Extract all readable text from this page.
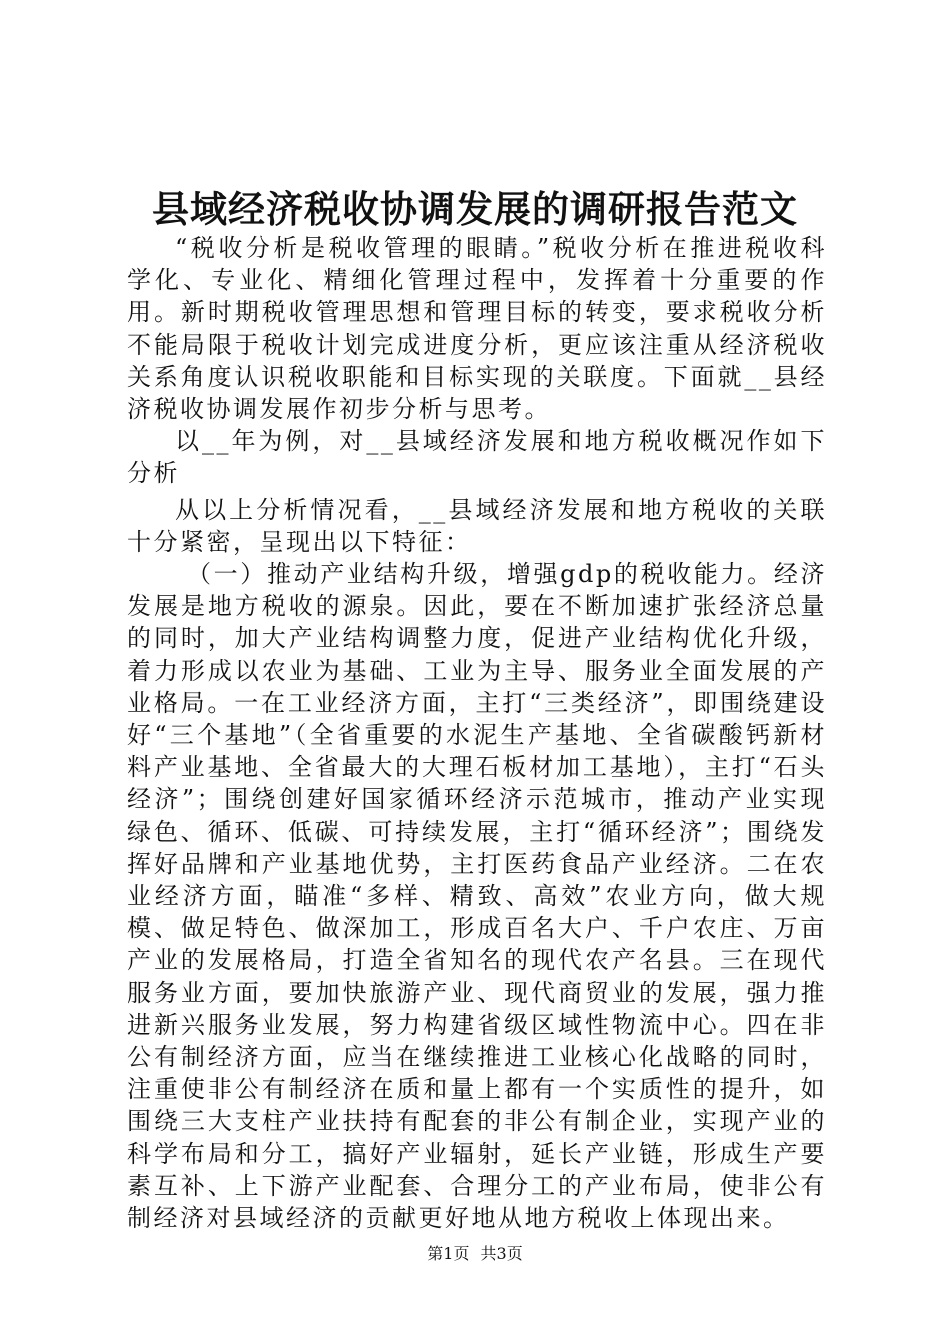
县域经济税收协调发展的调研报告范文

“税收分析是税收管理的眼睛。”税收分析在推进税收科学化、专业化、精细化管理过程中，发挥着十分重要的作用。新时期税收管理思想和管理目标的转变，要求税收分析不能局限于税收计划完成进度分析，更应该注重从经济税收关系角度认识税收职能和目标实现的关联度。下面就__县经济税收协调发展作初步分析与思考。

以__年为例，对__县域经济发展和地方税收概况作如下分析

从以上分析情况看，__县域经济发展和地方税收的关联十分紧密，呈现出以下特征：

（一）推动产业结构升级，增强gdp的税收能力。经济发展是地方税收的源泉。因此，要在不断加速扩张经济总量的同时，加大产业结构调整力度，促进产业结构优化升级，着力形成以农业为基础、工业为主导、服务业全面发展的产业格局。一在工业经济方面，主打“三类经济”，即围绕建设好“三个基地”（全省重要的水泥生产基地、全省碳酸钙新材料产业基地、全省最大的大理石板材加工基地），主打“石头经济”；围绕创建好国家循环经济示范城市，推动产业实现绿色、循环、低碳、可持续发展，主打“循环经济”；围绕发挥好品牌和产业基地优势，主打医药食品产业经济。二在农业经济方面，瞄准“多样、精致、高效”农业方向，做大规模、做足特色、做深加工，形成百名大户、千户农庄、万亩产业的发展格局，打造全省知名的现代农产名县。三在现代服务业方面，要加快旅游产业、现代商贸业的发展，强力推进新兴服务业发展，努力构建省级区域性物流中心。四在非公有制经济方面，应当在继续推进工业核心化战略的同时，注重使非公有制经济在质和量上都有一个实质性的提升，如围绕三大支柱产业扶持有配套的非公有制企业，实现产业的科学布局和分工，搞好产业辐射，延长产业链，形成生产要素互补、上下游产业配套、合理分工的产业布局，使非公有制经济对县域经济的贡献更好地从地方税收上体现出来。

第1页 共3页
